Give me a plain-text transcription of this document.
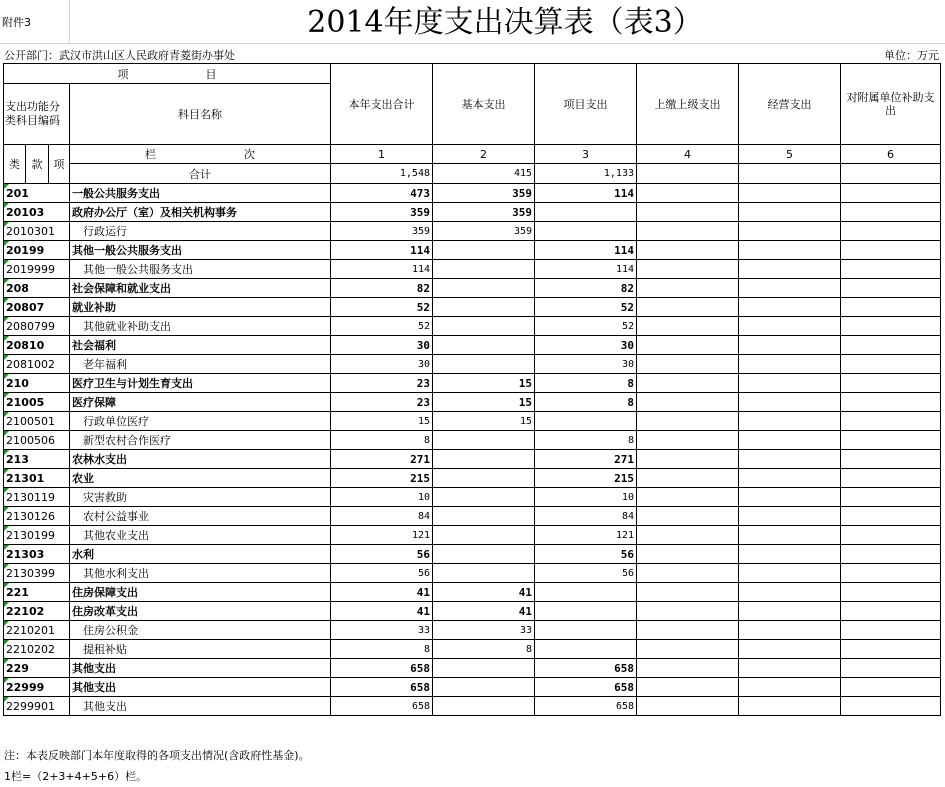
附件3	2014年度支出决算表（表3）
公开部门：武汉市洪山区人民政府青菱街办事处	单位：万元
项　　　　　　　目				本年支出合计	基本支出	项目支出	上缴上级支出	经营支出	对附属单位补助支出
支出功能分类科目编码			科目名称						
类	款	项	栏　　　　　　　　次	1	2	3	4	5	6
			合计	1,548	415	1,133			
201			一般公共服务支出	473	359	114			
20103			政府办公厅（室）及相关机构事务	359	359				
2010301			　行政运行	359	359				
20199			其他一般公共服务支出	114		114			
2019999			　其他一般公共服务支出	114		114			
208			社会保障和就业支出	82		82			
20807			就业补助	52		52			
2080799			　其他就业补助支出	52		52			
20810			社会福利	30		30			
2081002			　老年福利	30		30			
210			医疗卫生与计划生育支出	23	15	8			
21005			医疗保障	23	15	8			
2100501			　行政单位医疗	15	15				
2100506			　新型农村合作医疗	8		8			
213			农林水支出	271		271			
21301			农业	215		215			
2130119			　灾害救助	10		10			
2130126			　农村公益事业	84		84			
2130199			　其他农业支出	121		121			
21303			水利	56		56			
2130399			　其他水利支出	56		56			
221			住房保障支出	41	41				
22102			住房改革支出	41	41				
2210201			　住房公积金	33	33				
2210202			　提租补贴	8	8				
229			其他支出	658		658			
22999			其他支出	658		658			
2299901			　其他支出	658		658			
注：本表反映部门本年度取得的各项支出情况(含政府性基金)。
1栏=（2+3+4+5+6）栏。
